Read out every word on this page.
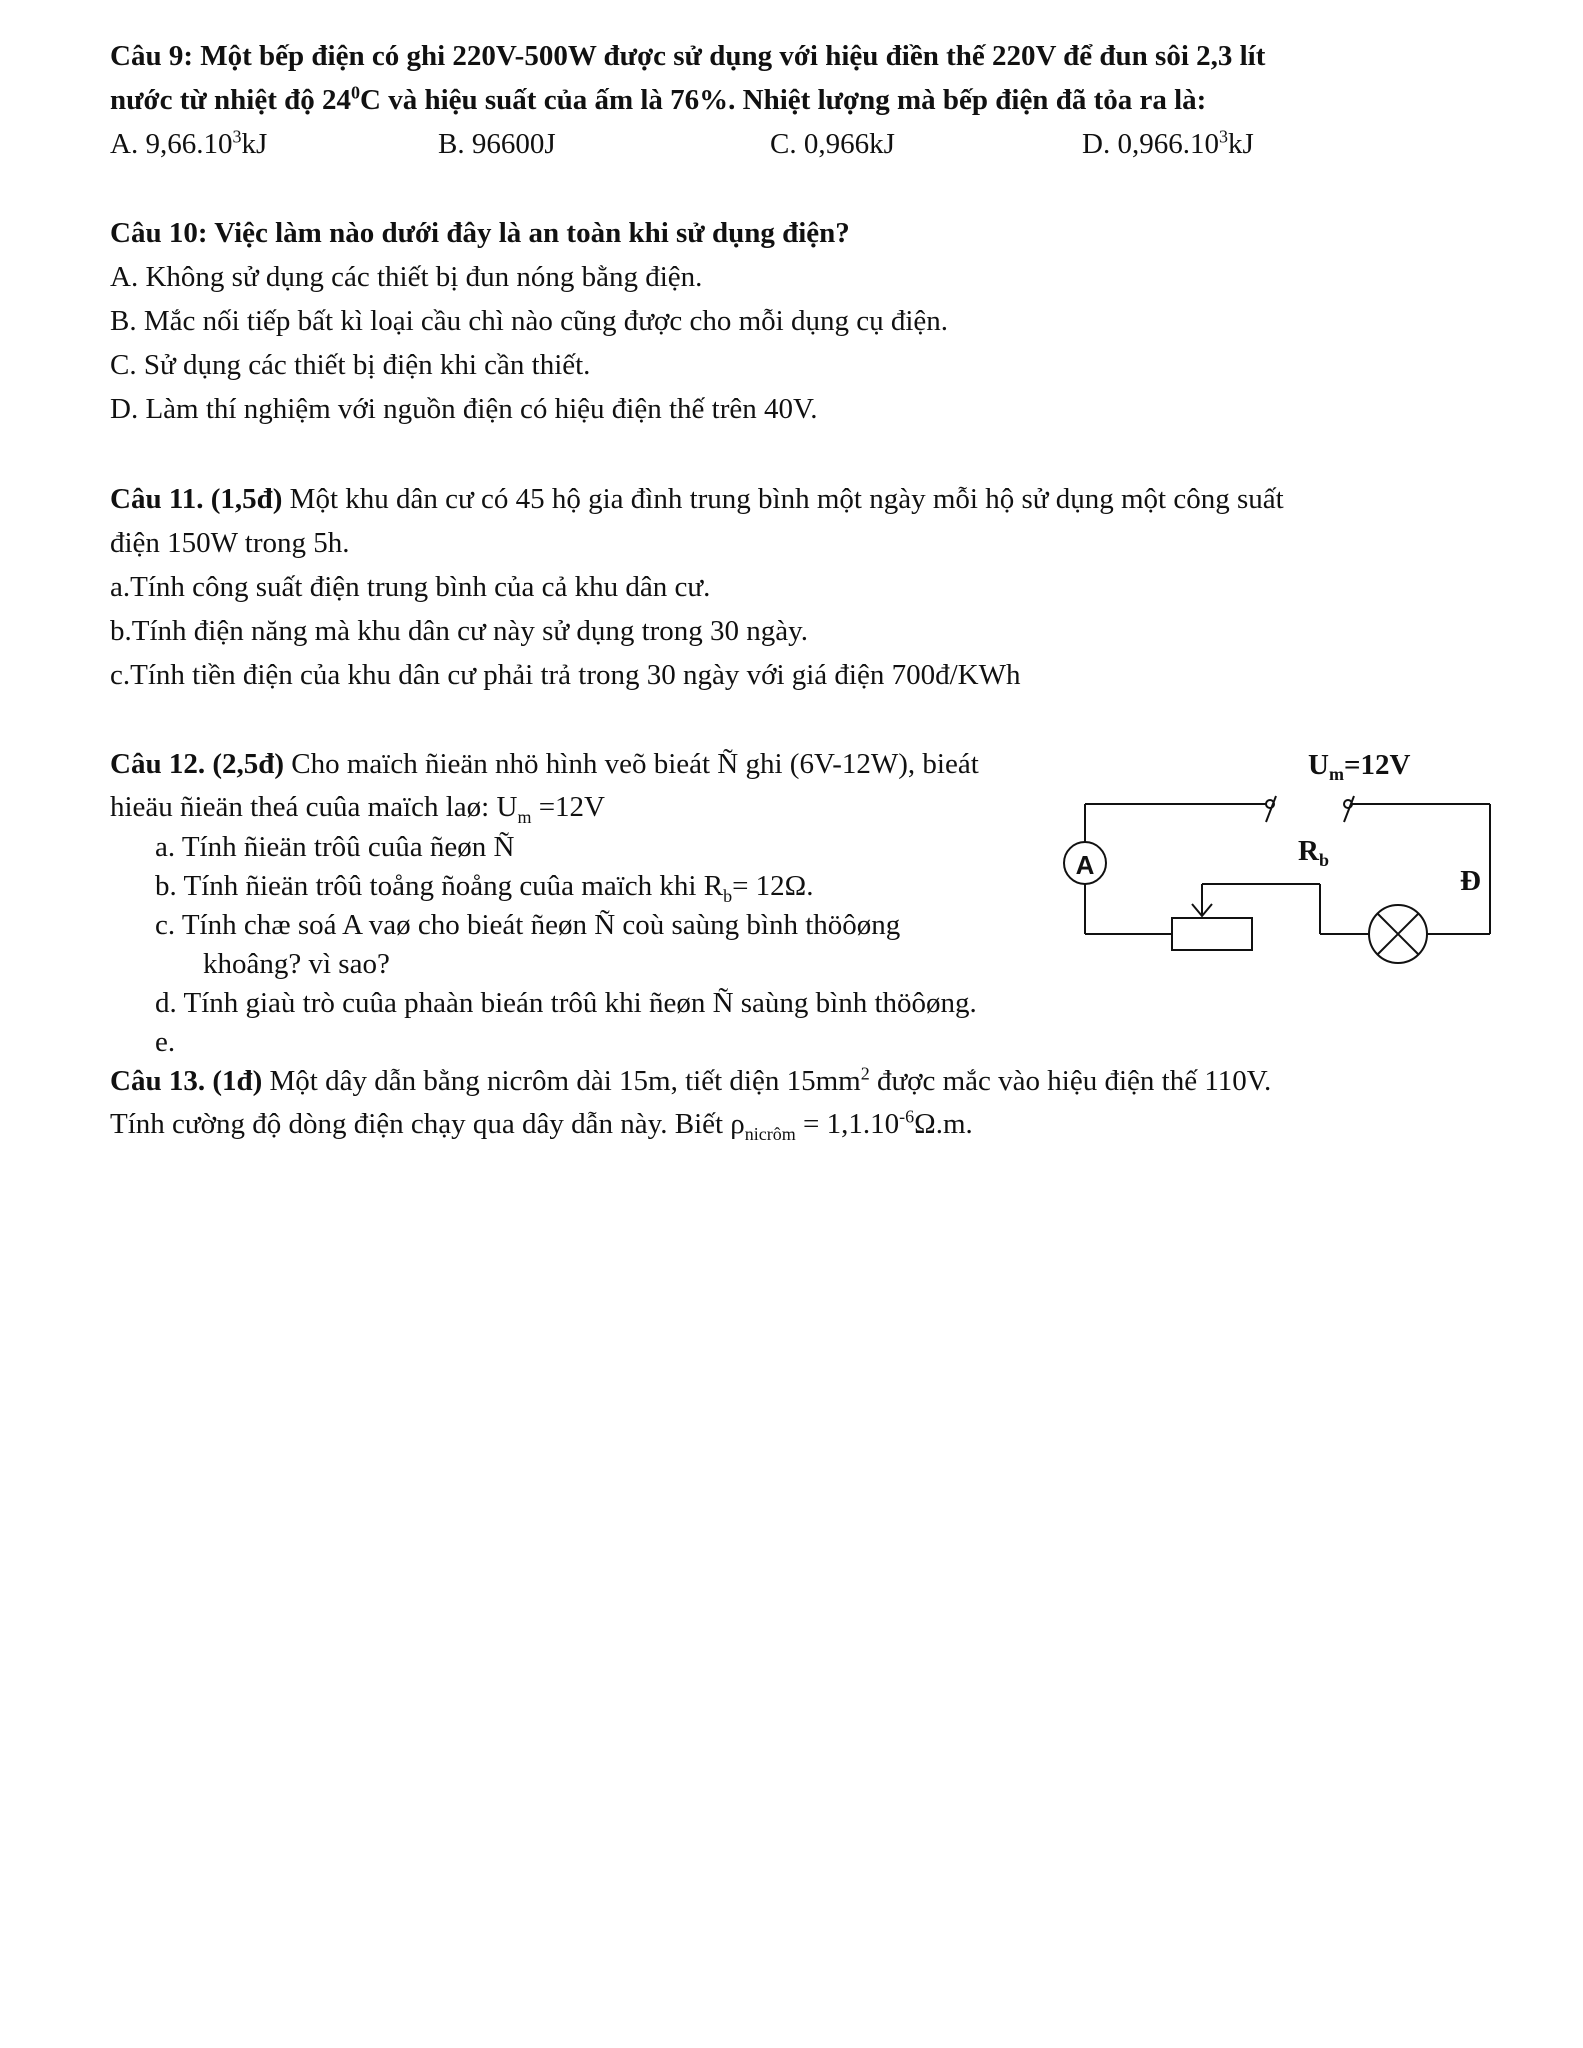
Câu 9: Một bếp điện có ghi 220V-500W được sử dụng với hiệu điền thế 220V để đun sôi 2,3 lít
nước từ nhiệt độ $24^0C$ và hiệu suất của ấm là 76%. Nhiệt lượng mà bếp điện đã tỏa ra là:
A. 9,66.10$^3$kJ	B. 96600J	C. 0,966kJ	D. 0,966.10$^3$kJ
Câu 10: Việc làm nào dưới đây là an toàn khi sử dụng điện?
A. Không sử dụng các thiết bị đun nóng bằng điện.
B. Mắc nối tiếp bất kì loại cầu chì nào cũng được cho mỗi dụng cụ điện.
C. Sử dụng các thiết bị điện khi cần thiết.
D. Làm thí nghiệm với nguồn điện có hiệu điện thế trên 40V.
Câu 11. (1,5đ) Một khu dân cư có 45 hộ gia đình trung bình một ngày mỗi hộ sử dụng một công suất
điện 150W trong 5h.
a.Tính công suất điện trung bình của cả khu dân cư.
b.Tính điện năng mà khu dân cư này sử dụng trong 30 ngày.
c.Tính tiền điện của khu dân cư phải trả trong 30 ngày với giá điện 700đ/KWh
Câu 12. (2,5đ) Cho maïch ñieän nhö hình veõ bieát Ñ ghi (6V-12W), bieát
hieäu ñieän theá cuûa maïch laø: $U_m =12V$
a. Tính ñieän trôû cuûa ñeøn Ñ
b. Tính ñieän trôû toång ñoång cuûa maïch khi $R_b= 12\Omega$.
c. Tính chæ soá A vaø cho bieát ñeøn Ñ coù saùng bình thöôøng
khoâng? vì sao?
d. Tính giaù trò cuûa phaàn bieán trôû khi ñeøn Ñ saùng bình thöôøng.
e.
$U_m=12V$
A	$R_b$
Đ
Câu 13. (1đ) Một dây dẫn bằng nicrôm dài 15m, tiết diện $15mm^2$ được mắc vào hiệu điện thế 110V.
Tính cường độ dòng điện chạy qua dây dẫn này. Biết $\rho_{nicrôm} = 1,1.10^{-6}\Omega.m$.
